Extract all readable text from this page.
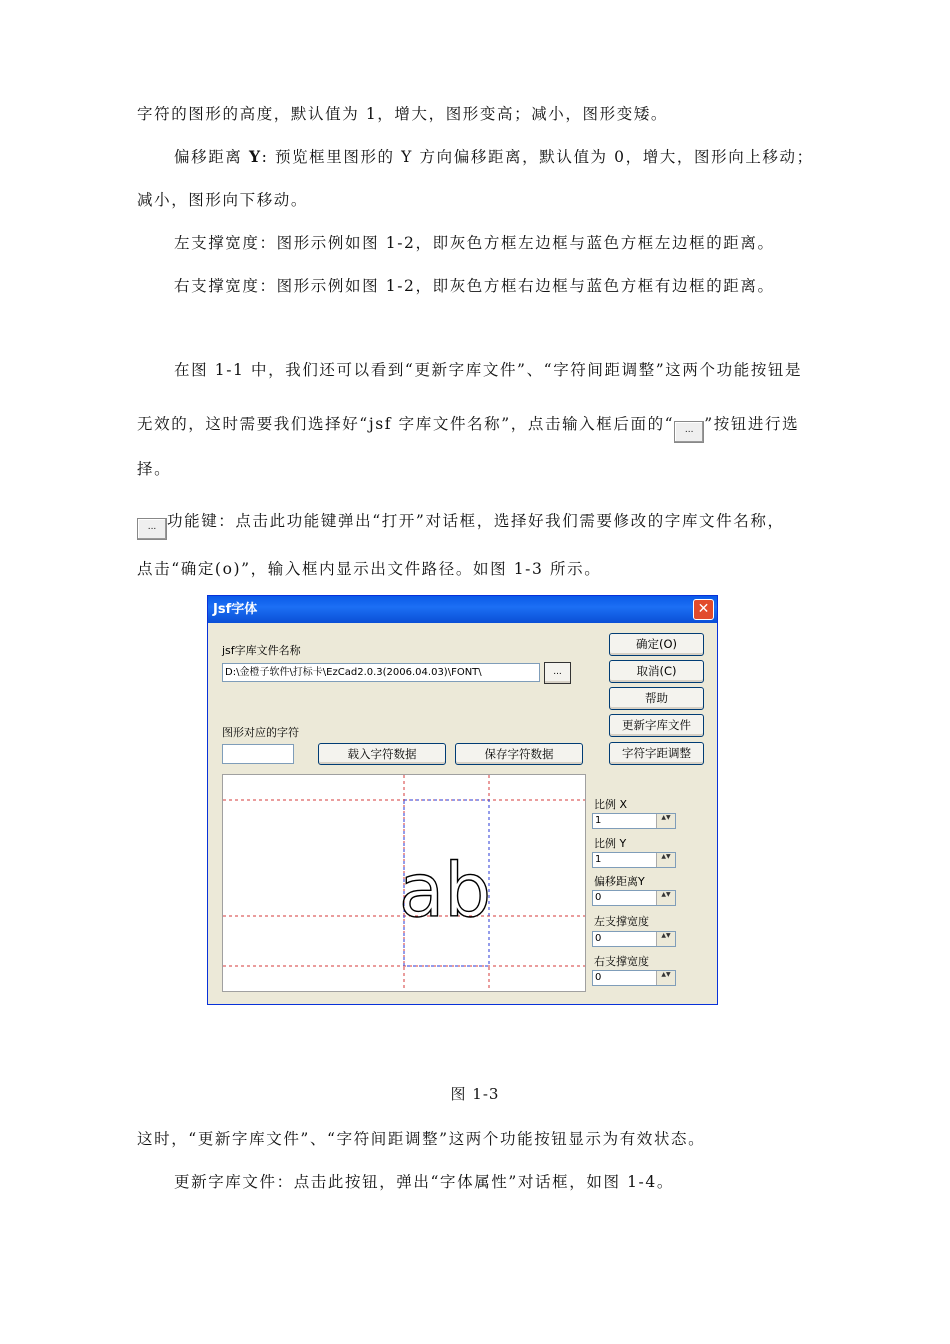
字符的图形的高度，默认值为 1，增大，图形变高；减小，图形变矮。
偏移距离 Y: 预览框里图形的 Y 方向偏移距离，默认值为 0，增大，图形向上移动；
减小，图形向下移动。
左支撑宽度：图形示例如图 1-2，即灰色方框左边框与蓝色方框左边框的距离。
右支撑宽度：图形示例如图 1-2，即灰色方框右边框与蓝色方框有边框的距离。
在图 1-1 中，我们还可以看到“更新字库文件”、“字符间距调整”这两个功能按钮是
无效的，这时需要我们选择好“jsf 字库文件名称”，点击输入框后面的“ ... ”按钮进行选
择。
... 功能键：点击此功能键弹出“打开”对话框，选择好我们需要修改的字库文件名称，
点击“确定(o)”，输入框内显示出文件路径。如图 1-3 所示。
Jsf字体	✕
jsf字库文件名称
D:\金橙子软件\打标卡\EzCad2.0.3(2006.04.03)\FONT\	...
图形对应的字符
载入字符数据	保存字符数据
确定(O)
取消(C)
帮助
更新字库文件
字符字距调整
ab
比例 X
1	▲▼
比例 Y
1	▲▼
偏移距离Y
0	▲▼
左支撑宽度
0	▲▼
右支撑宽度
0	▲▼
图 1-3
这时，“更新字库文件”、“字符间距调整”这两个功能按钮显示为有效状态。
更新字库文件：点击此按钮，弹出“字体属性”对话框，如图 1-4。
